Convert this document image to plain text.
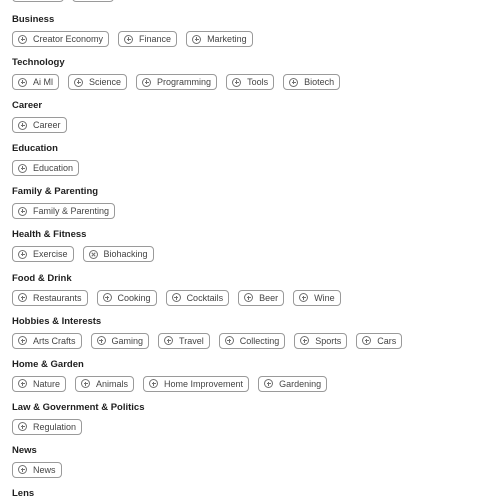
Business
Creator Economy	Finance	Marketing
Technology
Ai Ml	Science	Programming	Tools	Biotech
Career
Career
Education
Education
Family & Parenting
Family & Parenting
Health & Fitness
Exercise	Biohacking
Food & Drink
Restaurants	Cooking	Cocktails	Beer	Wine
Hobbies & Interests
Arts Crafts	Gaming	Travel	Collecting	Sports	Cars
Home & Garden
Nature	Animals	Home Improvement	Gardening
Law & Government & Politics
Regulation
News
News
Lens
